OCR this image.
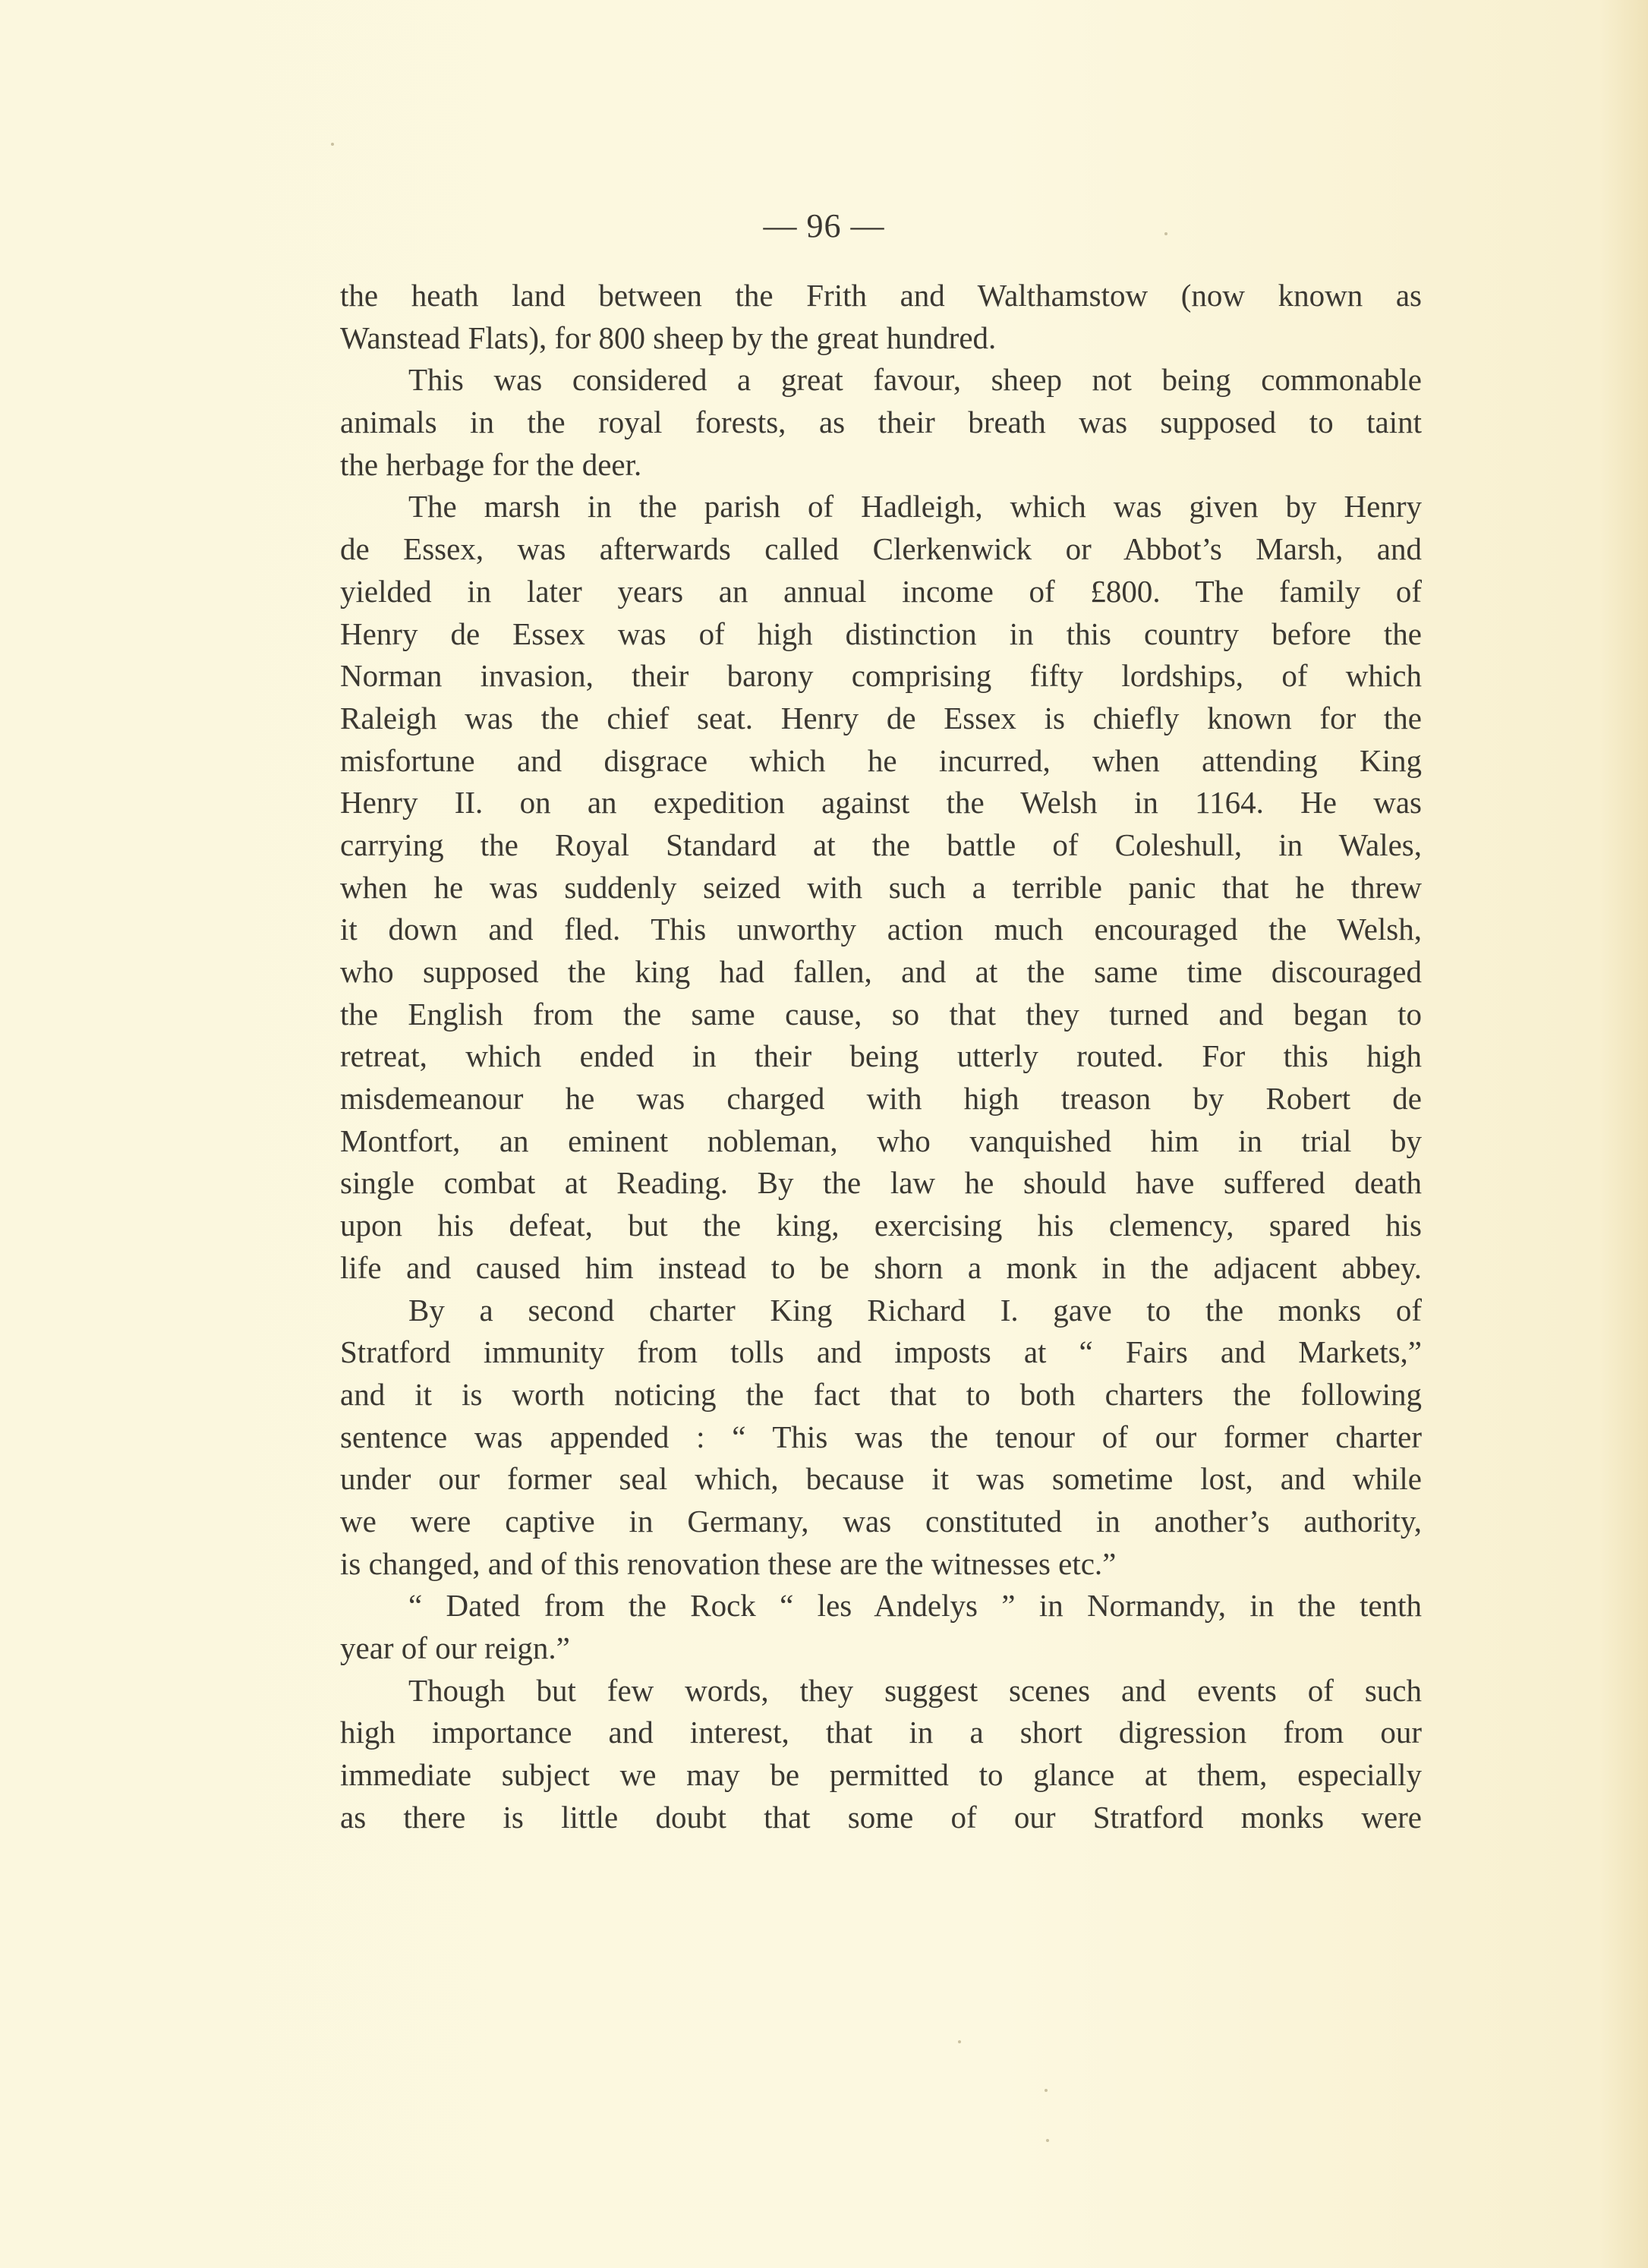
— 96 —
the heath land between the Frith and Walthamstow (now known as
Wanstead Flats), for 800 sheep by the great hundred.
This was considered a great favour, sheep not being commonable
animals in the royal forests, as their breath was supposed to taint
the herbage for the deer.
The marsh in the parish of Hadleigh, which was given by Henry
de Essex, was afterwards called Clerkenwick or Abbot’s Marsh, and
yielded in later years an annual income of £800. The family of
Henry de Essex was of high distinction in this country before the
Norman invasion, their barony comprising fifty lordships, of which
Raleigh was the chief seat. Henry de Essex is chiefly known for the
misfortune and disgrace which he incurred, when attending King
Henry II. on an expedition against the Welsh in 1164. He was
carrying the Royal Standard at the battle of Coleshull, in Wales,
when he was suddenly seized with such a terrible panic that he threw
it down and fled. This unworthy action much encouraged the Welsh,
who supposed the king had fallen, and at the same time discouraged
the English from the same cause, so that they turned and began to
retreat, which ended in their being utterly routed. For this high
misdemeanour he was charged with high treason by Robert de
Montfort, an eminent nobleman, who vanquished him in trial by
single combat at Reading. By the law he should have suffered death
upon his defeat, but the king, exercising his clemency, spared his
life and caused him instead to be shorn a monk in the adjacent abbey.
By a second charter King Richard I. gave to the monks of
Stratford immunity from tolls and imposts at “ Fairs and Markets,”
and it is worth noticing the fact that to both charters the following
sentence was appended : “ This was the tenour of our former charter
under our former seal which, because it was sometime lost, and while
we were captive in Germany, was constituted in another’s authority,
is changed, and of this renovation these are the witnesses etc.”
“ Dated from the Rock “ les Andelys ” in Normandy, in the tenth
year of our reign.”
Though but few words, they suggest scenes and events of such
high importance and interest, that in a short digression from our
immediate subject we may be permitted to glance at them, especially
as there is little doubt that some of our Stratford monks were
